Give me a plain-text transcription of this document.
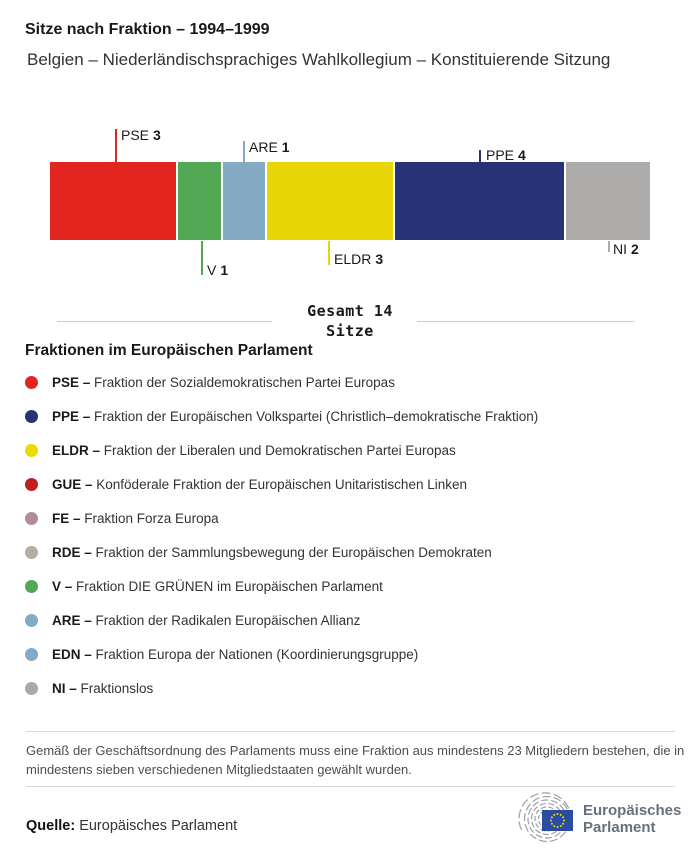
Sitze nach Fraktion – 1994–1999
Belgien – Niederländischsprachiges Wahlkollegium – Konstituierende Sitzung
PSE 3
ARE 1	PPE 4
V 1
ELDR 3
NI 2
Gesamt 14
Sitze
Fraktionen im Europäischen Parlament
PSE – Fraktion der Sozialdemokratischen Partei Europas
PPE – Fraktion der Europäischen Volkspartei (Christlich–demokratische Fraktion)
ELDR – Fraktion der Liberalen und Demokratischen Partei Europas
GUE – Konföderale Fraktion der Europäischen Unitaristischen Linken
FE – Fraktion Forza Europa
RDE – Fraktion der Sammlungsbewegung der Europäischen Demokraten
V – Fraktion DIE GRÜNEN im Europäischen Parlament
ARE – Fraktion der Radikalen Europäischen Allianz
EDN – Fraktion Europa der Nationen (Koordinierungsgruppe)
NI – Fraktionslos
Gemäß der Geschäftsordnung des Parlaments muss eine Fraktion aus mindestens 23 Mitgliedern bestehen, die in
mindestens sieben verschiedenen Mitgliedstaaten gewählt wurden.
Quelle: Europäisches Parlament
Europäisches
Parlament
